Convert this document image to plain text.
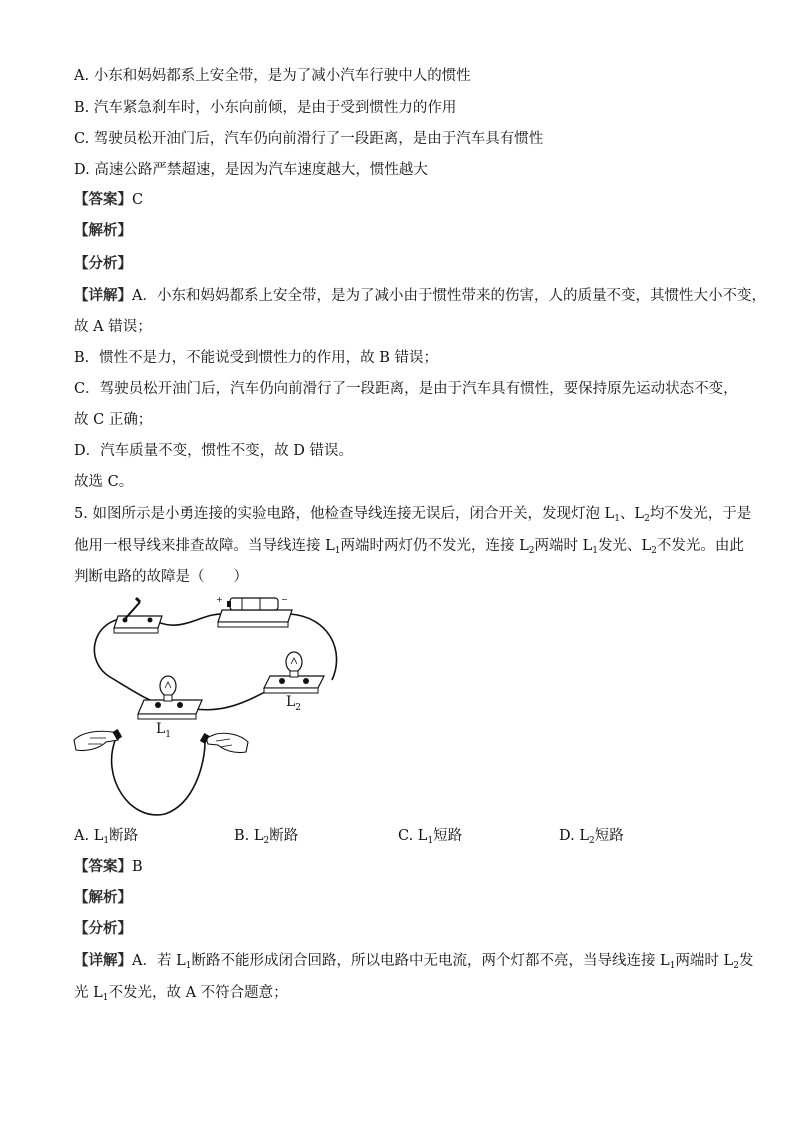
A. 小东和妈妈都系上安全带，是为了减小汽车行驶中人的惯性
B. 汽车紧急刹车时，小东向前倾，是由于受到惯性力的作用
C. 驾驶员松开油门后，汽车仍向前滑行了一段距离，是由于汽车具有惯性
D. 高速公路严禁超速，是因为汽车速度越大，惯性越大
【答案】C
【解析】
【分析】
【详解】A．小东和妈妈都系上安全带，是为了减小由于惯性带来的伤害，人的质量不变，其惯性大小不变，
故 A 错误；
B．惯性不是力，不能说受到惯性力的作用，故 B 错误；
C．驾驶员松开油门后，汽车仍向前滑行了一段距离，是由于汽车具有惯性，要保持原先运动状态不变，
故 C 正确；
D．汽车质量不变，惯性不变，故 D 错误。
故选 C。
5. 如图所示是小勇连接的实验电路，他检查导线连接无误后，闭合开关，发现灯泡 $L_1$、$L_2$均不发光，于是
他用一根导线来排查故障。当导线连接 $L_1$两端时两灯仍不发光，连接 $L_2$两端时 $L_1$发光、$L_2$不发光。由此
判断电路的故障是（　　）
+	−
$L_1$
$L_2$
A. $L_1$断路	B. $L_2$断路	C. $L_1$短路	D. $L_2$短路
【答案】B
【解析】
【分析】
【详解】A．若 $L_1$断路不能形成闭合回路，所以电路中无电流，两个灯都不亮，当导线连接 $L_1$两端时 $L_2$发
光 $L_1$不发光，故 A 不符合题意；
